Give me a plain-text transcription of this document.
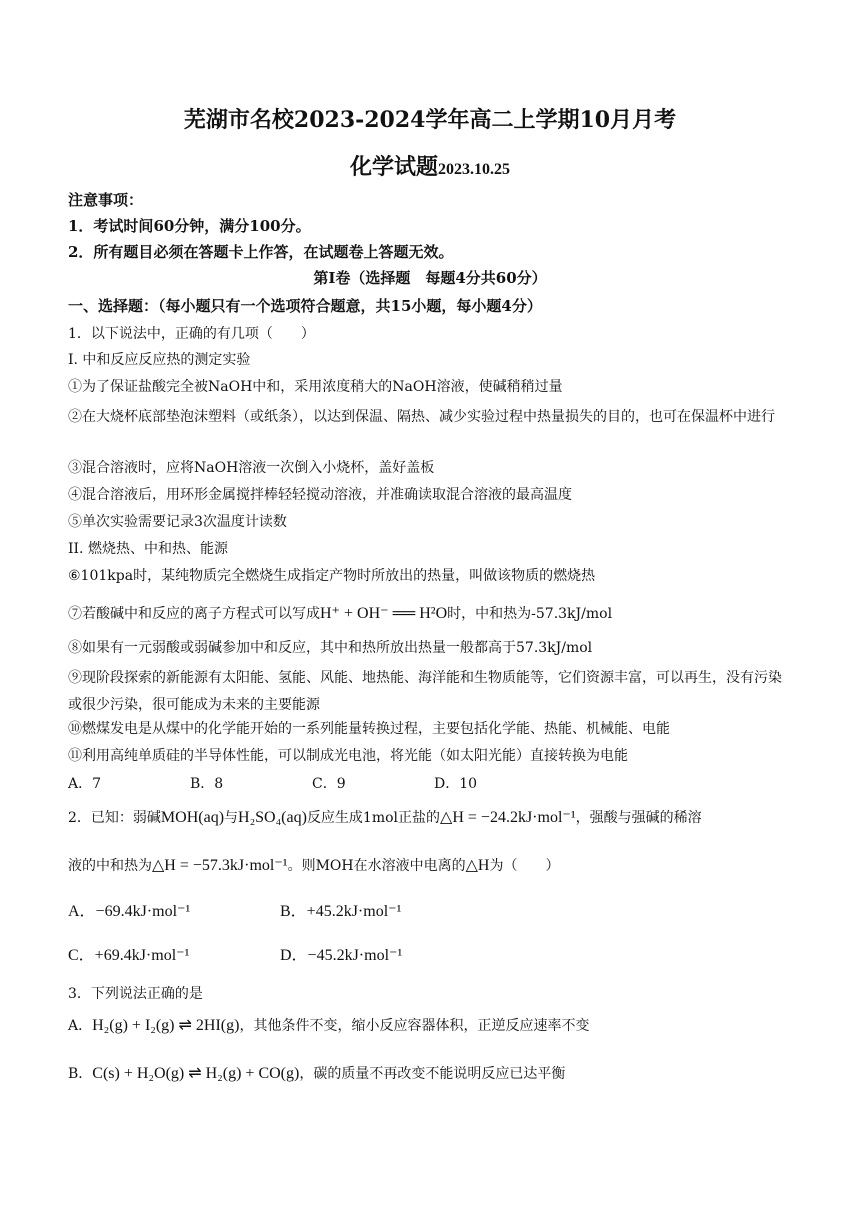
芜湖市名校2023-2024学年高二上学期10月月考
化学试题2023.10.25
注意事项：
1．考试时间60分钟，满分100分。
2．所有题目必须在答题卡上作答，在试题卷上答题无效。
第Ⅰ卷（选择题　每题4分共60分）
一、选择题：（每小题只有一个选项符合题意，共15小题，每小题4分）
1．以下说法中，正确的有几项（　　）
I. 中和反应反应热的测定实验
①为了保证盐酸完全被NaOH中和，采用浓度稍大的NaOH溶液，使碱稍稍过量
②在大烧杯底部垫泡沫塑料（或纸条），以达到保温、隔热、减少实验过程中热量损失的目的，也可在保温杯中进行
③混合溶液时，应将NaOH溶液一次倒入小烧杯，盖好盖板
④混合溶液后，用环形金属搅拌棒轻轻搅动溶液，并准确读取混合溶液的最高温度
⑤单次实验需要记录3次温度计读数
II. 燃烧热、中和热、能源
⑥101kpa时，某纯物质完全燃烧生成指定产物时所放出的热量，叫做该物质的燃烧热
⑦若酸碱中和反应的离子方程式可以写成H⁺ + OH⁻ ══ H²O时，中和热为-57.3kJ/mol
⑧如果有一元弱酸或弱碱参加中和反应，其中和热所放出热量一般都高于57.3kJ/mol
⑨现阶段探索的新能源有太阳能、氢能、风能、地热能、海洋能和生物质能等，它们资源丰富，可以再生，没有污染或很少污染，很可能成为未来的主要能源
⑩燃煤发电是从煤中的化学能开始的一系列能量转换过程，主要包括化学能、热能、机械能、电能
⑪利用高纯单质硅的半导体性能，可以制成光电池，将光能（如太阳光能）直接转换为电能
A．7	B．8	C．9	D．10
2．已知：弱碱MOH(aq)与H₂SO₄(aq)反应生成1mol正盐的△H = −24.2kJ·mol⁻¹，强酸与强碱的稀溶
液的中和热为△H = −57.3kJ·mol⁻¹。则MOH在水溶液中电离的△H为（　　）
A．−69.4kJ·mol⁻¹	B．+45.2kJ·mol⁻¹
C．+69.4kJ·mol⁻¹	D．−45.2kJ·mol⁻¹
3．下列说法正确的是
A．H₂(g) + I₂(g) ⇌ 2HI(g)，其他条件不变，缩小反应容器体积，正逆反应速率不变
B．C(s) + H₂O(g) ⇌ H₂(g) + CO(g)，碳的质量不再改变不能说明反应已达平衡
